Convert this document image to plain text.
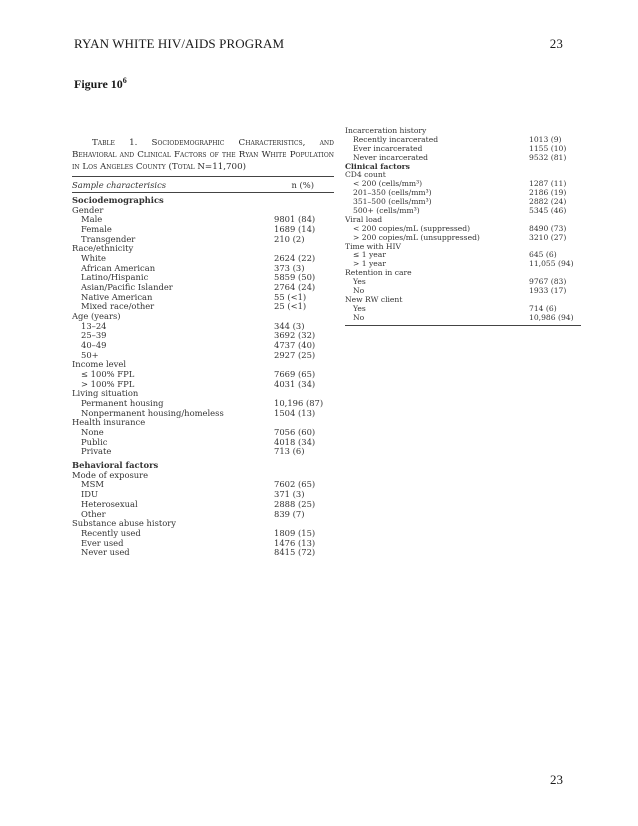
RYAN WHITE HIV/AIDS PROGRAM	23
Figure $10^6$
Table 1. Sociodemographic Characteristics, and Behavioral and Clinical Factors of the Ryan White Population in Los Angeles County (Total N=11,700)
Sample characterisics	n (%)
Sociodemographics
Gender
Male	9801 (84)
Female	1689 (14)
Transgender	210 (2)
Race/ethnicity
White	2624 (22)
African American	373 (3)
Latino/Hispanic	5859 (50)
Asian/Pacific Islander	2764 (24)
Native American	55 (<1)
Mixed race/other	25 (<1)
Age (years)
13–24	344 (3)
25–39	3692 (32)
40–49	4737 (40)
50+	2927 (25)
Income level
≤ 100% FPL	7669 (65)
> 100% FPL	4031 (34)
Living situation
Permanent housing	10,196 (87)
Nonpermanent housing/homeless	1504 (13)
Health insurance
None	7056 (60)
Public	4018 (34)
Private	713 (6)
Behavioral factors
Mode of exposure
MSM	7602 (65)
IDU	371 (3)
Heterosexual	2888 (25)
Other	839 (7)
Substance abuse history
Recently used	1809 (15)
Ever used	1476 (13)
Never used	8415 (72)
Incarceration history
Recently incarcerated	1013 (9)
Ever incarcerated	1155 (10)
Never incarcerated	9532 (81)
Clinical factors
CD4 count
< 200 (cells/mm³)	1287 (11)
201–350 (cells/mm³)	2186 (19)
351–500 (cells/mm³)	2882 (24)
500+ (cells/mm³)	5345 (46)
Viral load
< 200 copies/mL (suppressed)	8490 (73)
> 200 copies/mL (unsuppressed)	3210 (27)
Time with HIV
≤ 1 year	645 (6)
> 1 year	11,055 (94)
Retention in care
Yes	9767 (83)
No	1933 (17)
New RW client
Yes	714 (6)
No	10,986 (94)
23
